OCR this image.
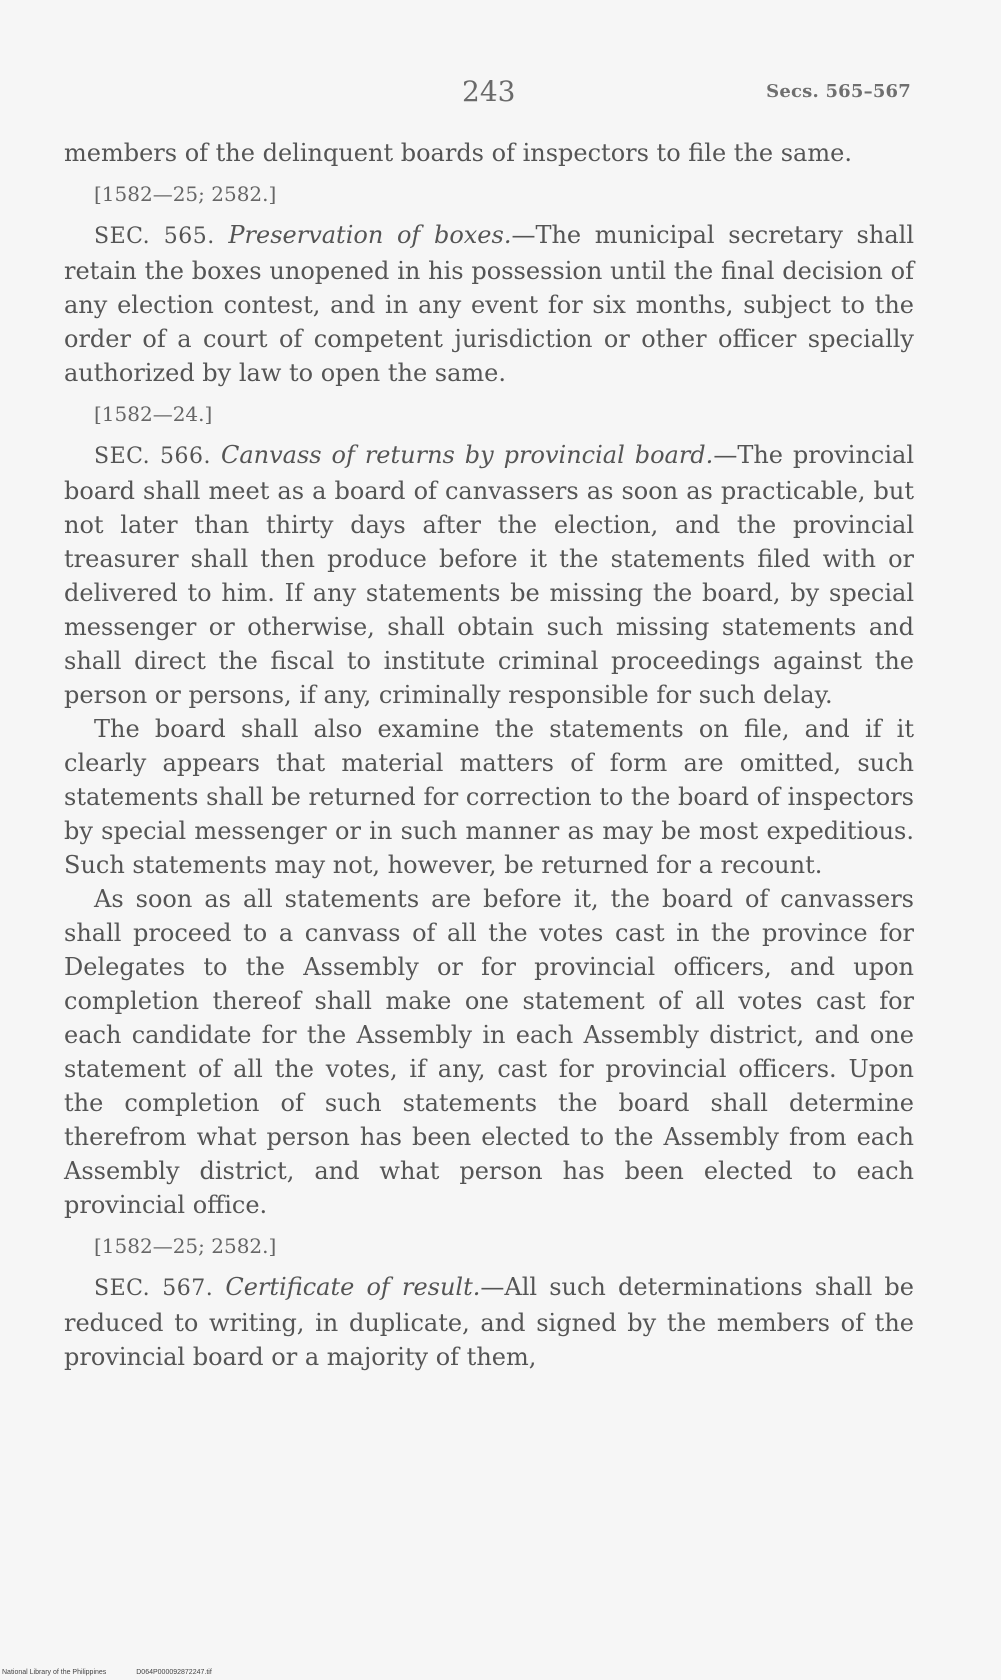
243	Secs. 565–567

members of the delinquent boards of inspectors to file the same.

[1582—25; 2582.]

SEC. 565. Preservation of boxes.—The municipal secretary shall retain the boxes unopened in his possession until the final decision of any election contest, and in any event for six months, subject to the order of a court of competent jurisdiction or other officer specially authorized by law to open the same.

[1582—24.]

SEC. 566. Canvass of returns by provincial board.—The provincial board shall meet as a board of canvassers as soon as practicable, but not later than thirty days after the election, and the provincial treasurer shall then produce before it the statements filed with or delivered to him. If any statements be missing the board, by special messenger or otherwise, shall obtain such missing statements and shall direct the fiscal to institute criminal proceedings against the person or persons, if any, criminally responsible for such delay.

The board shall also examine the statements on file, and if it clearly appears that material matters of form are omitted, such statements shall be returned for correction to the board of inspectors by special messenger or in such manner as may be most expeditious. Such statements may not, however, be returned for a recount.

As soon as all statements are before it, the board of canvassers shall proceed to a canvass of all the votes cast in the province for Delegates to the Assembly or for provincial officers, and upon completion thereof shall make one statement of all votes cast for each candidate for the Assembly in each Assembly district, and one statement of all the votes, if any, cast for provincial officers. Upon the completion of such statements the board shall determine therefrom what person has been elected to the Assembly from each Assembly district, and what person has been elected to each provincial office.

[1582—25; 2582.]

SEC. 567. Certificate of result.—All such determinations shall be reduced to writing, in duplicate, and signed by the members of the provincial board or a majority of them,

National Library of the Philippines	D064P000092872247.tif
